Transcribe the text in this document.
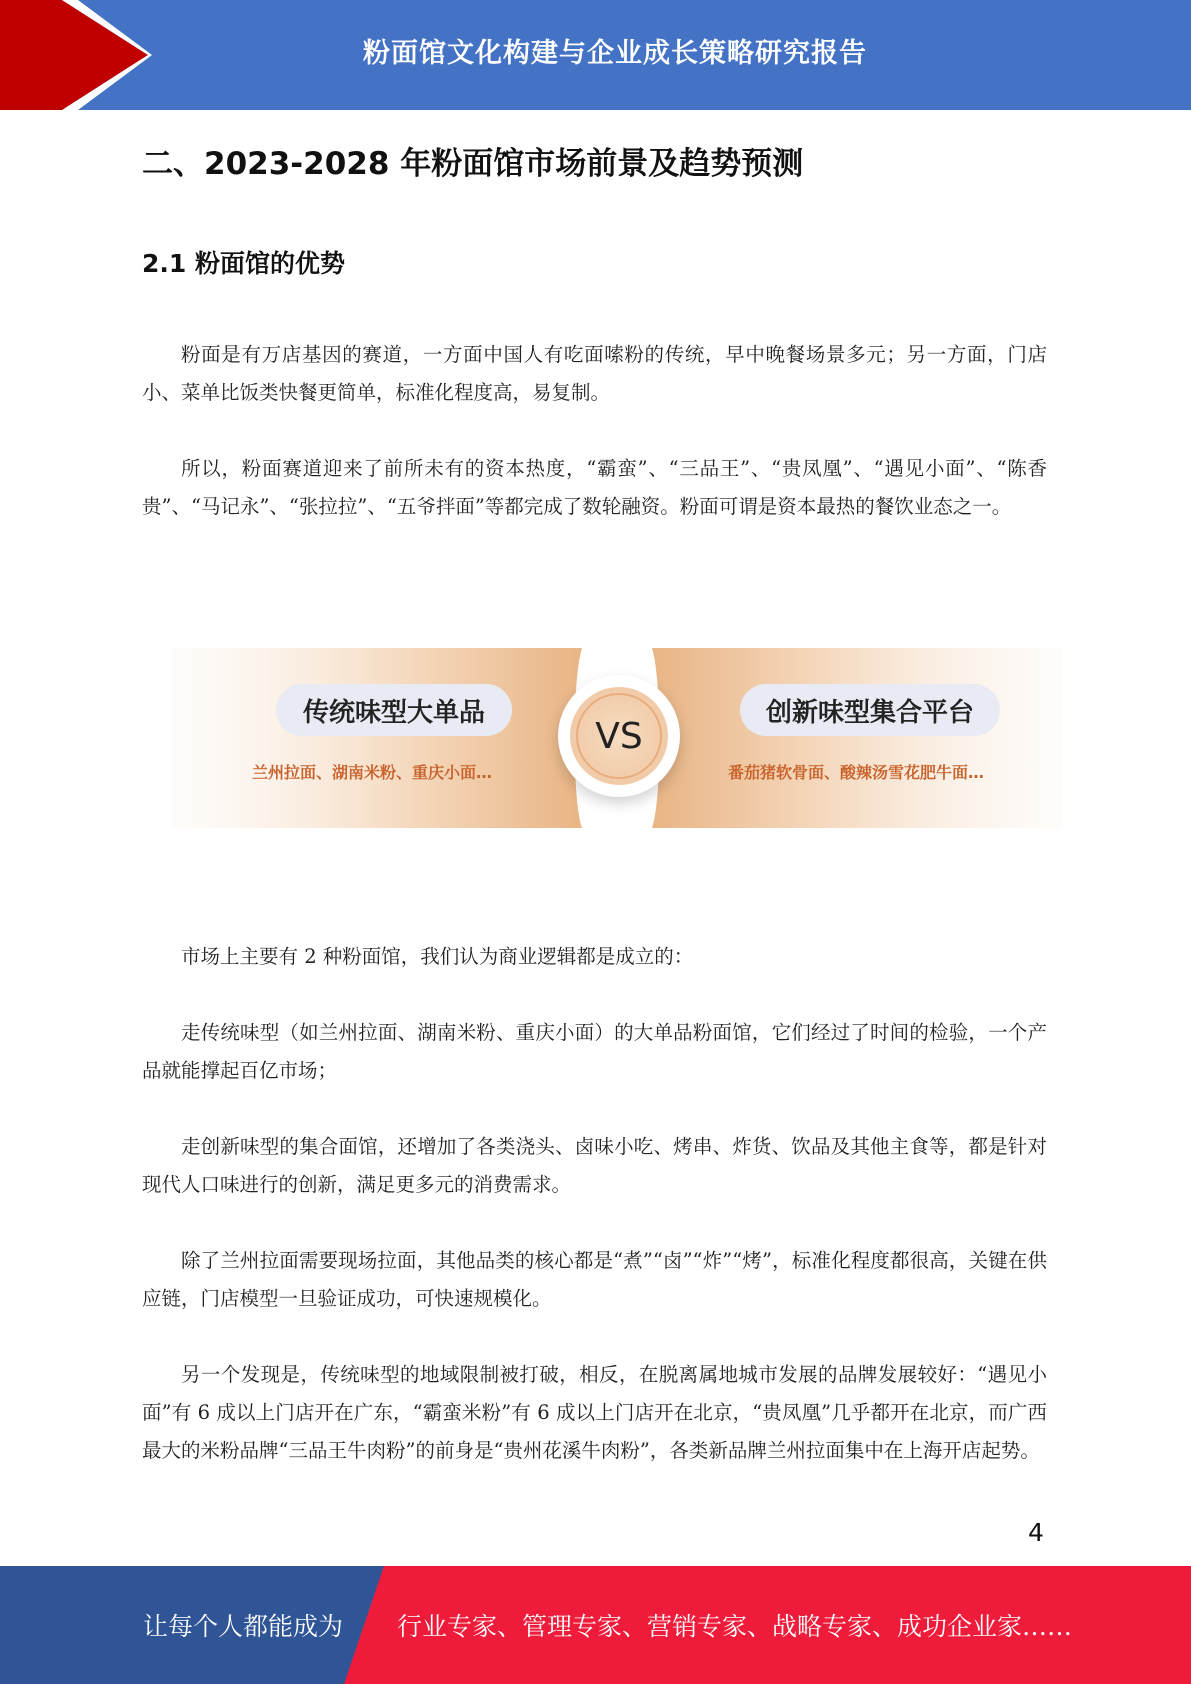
粉面馆文化构建与企业成长策略研究报告
二、2023-2028 年粉面馆市场前景及趋势预测
2.1 粉面馆的优势

粉面是有万店基因的赛道，一方面中国人有吃面嗦粉的传统，早中晚餐场景多元；另一方面，门店小、菜单比饭类快餐更简单，标准化程度高，易复制。

所以，粉面赛道迎来了前所未有的资本热度，“霸蛮”、“三品王”、“贵凤凰”、“遇见小面”、“陈香贵”、“马记永”、“张拉拉”、“五爷拌面”等都完成了数轮融资。粉面可谓是资本最热的餐饮业态之一。

传统味型大单品
兰州拉面、湖南米粉、重庆小面…
创新味型集合平台
番茄猪软骨面、酸辣汤雪花肥牛面…
VS

市场上主要有 2 种粉面馆，我们认为商业逻辑都是成立的：

走传统味型（如兰州拉面、湖南米粉、重庆小面）的大单品粉面馆，它们经过了时间的检验，一个产品就能撑起百亿市场；

走创新味型的集合面馆，还增加了各类浇头、卤味小吃、烤串、炸货、饮品及其他主食等，都是针对现代人口味进行的创新，满足更多元的消费需求。

除了兰州拉面需要现场拉面，其他品类的核心都是“煮”“卤”“炸”“烤”，标准化程度都很高，关键在供应链，门店模型一旦验证成功，可快速规模化。

另一个发现是，传统味型的地域限制被打破，相反，在脱离属地城市发展的品牌发展较好：“遇见小面”有 6 成以上门店开在广东，“霸蛮米粉”有 6 成以上门店开在北京，“贵凤凰”几乎都开在北京，而广西最大的米粉品牌“三品王牛肉粉”的前身是“贵州花溪牛肉粉”，各类新品牌兰州拉面集中在上海开店起势。

4
让每个人都能成为 行业专家、管理专家、营销专家、战略专家、成功企业家……
